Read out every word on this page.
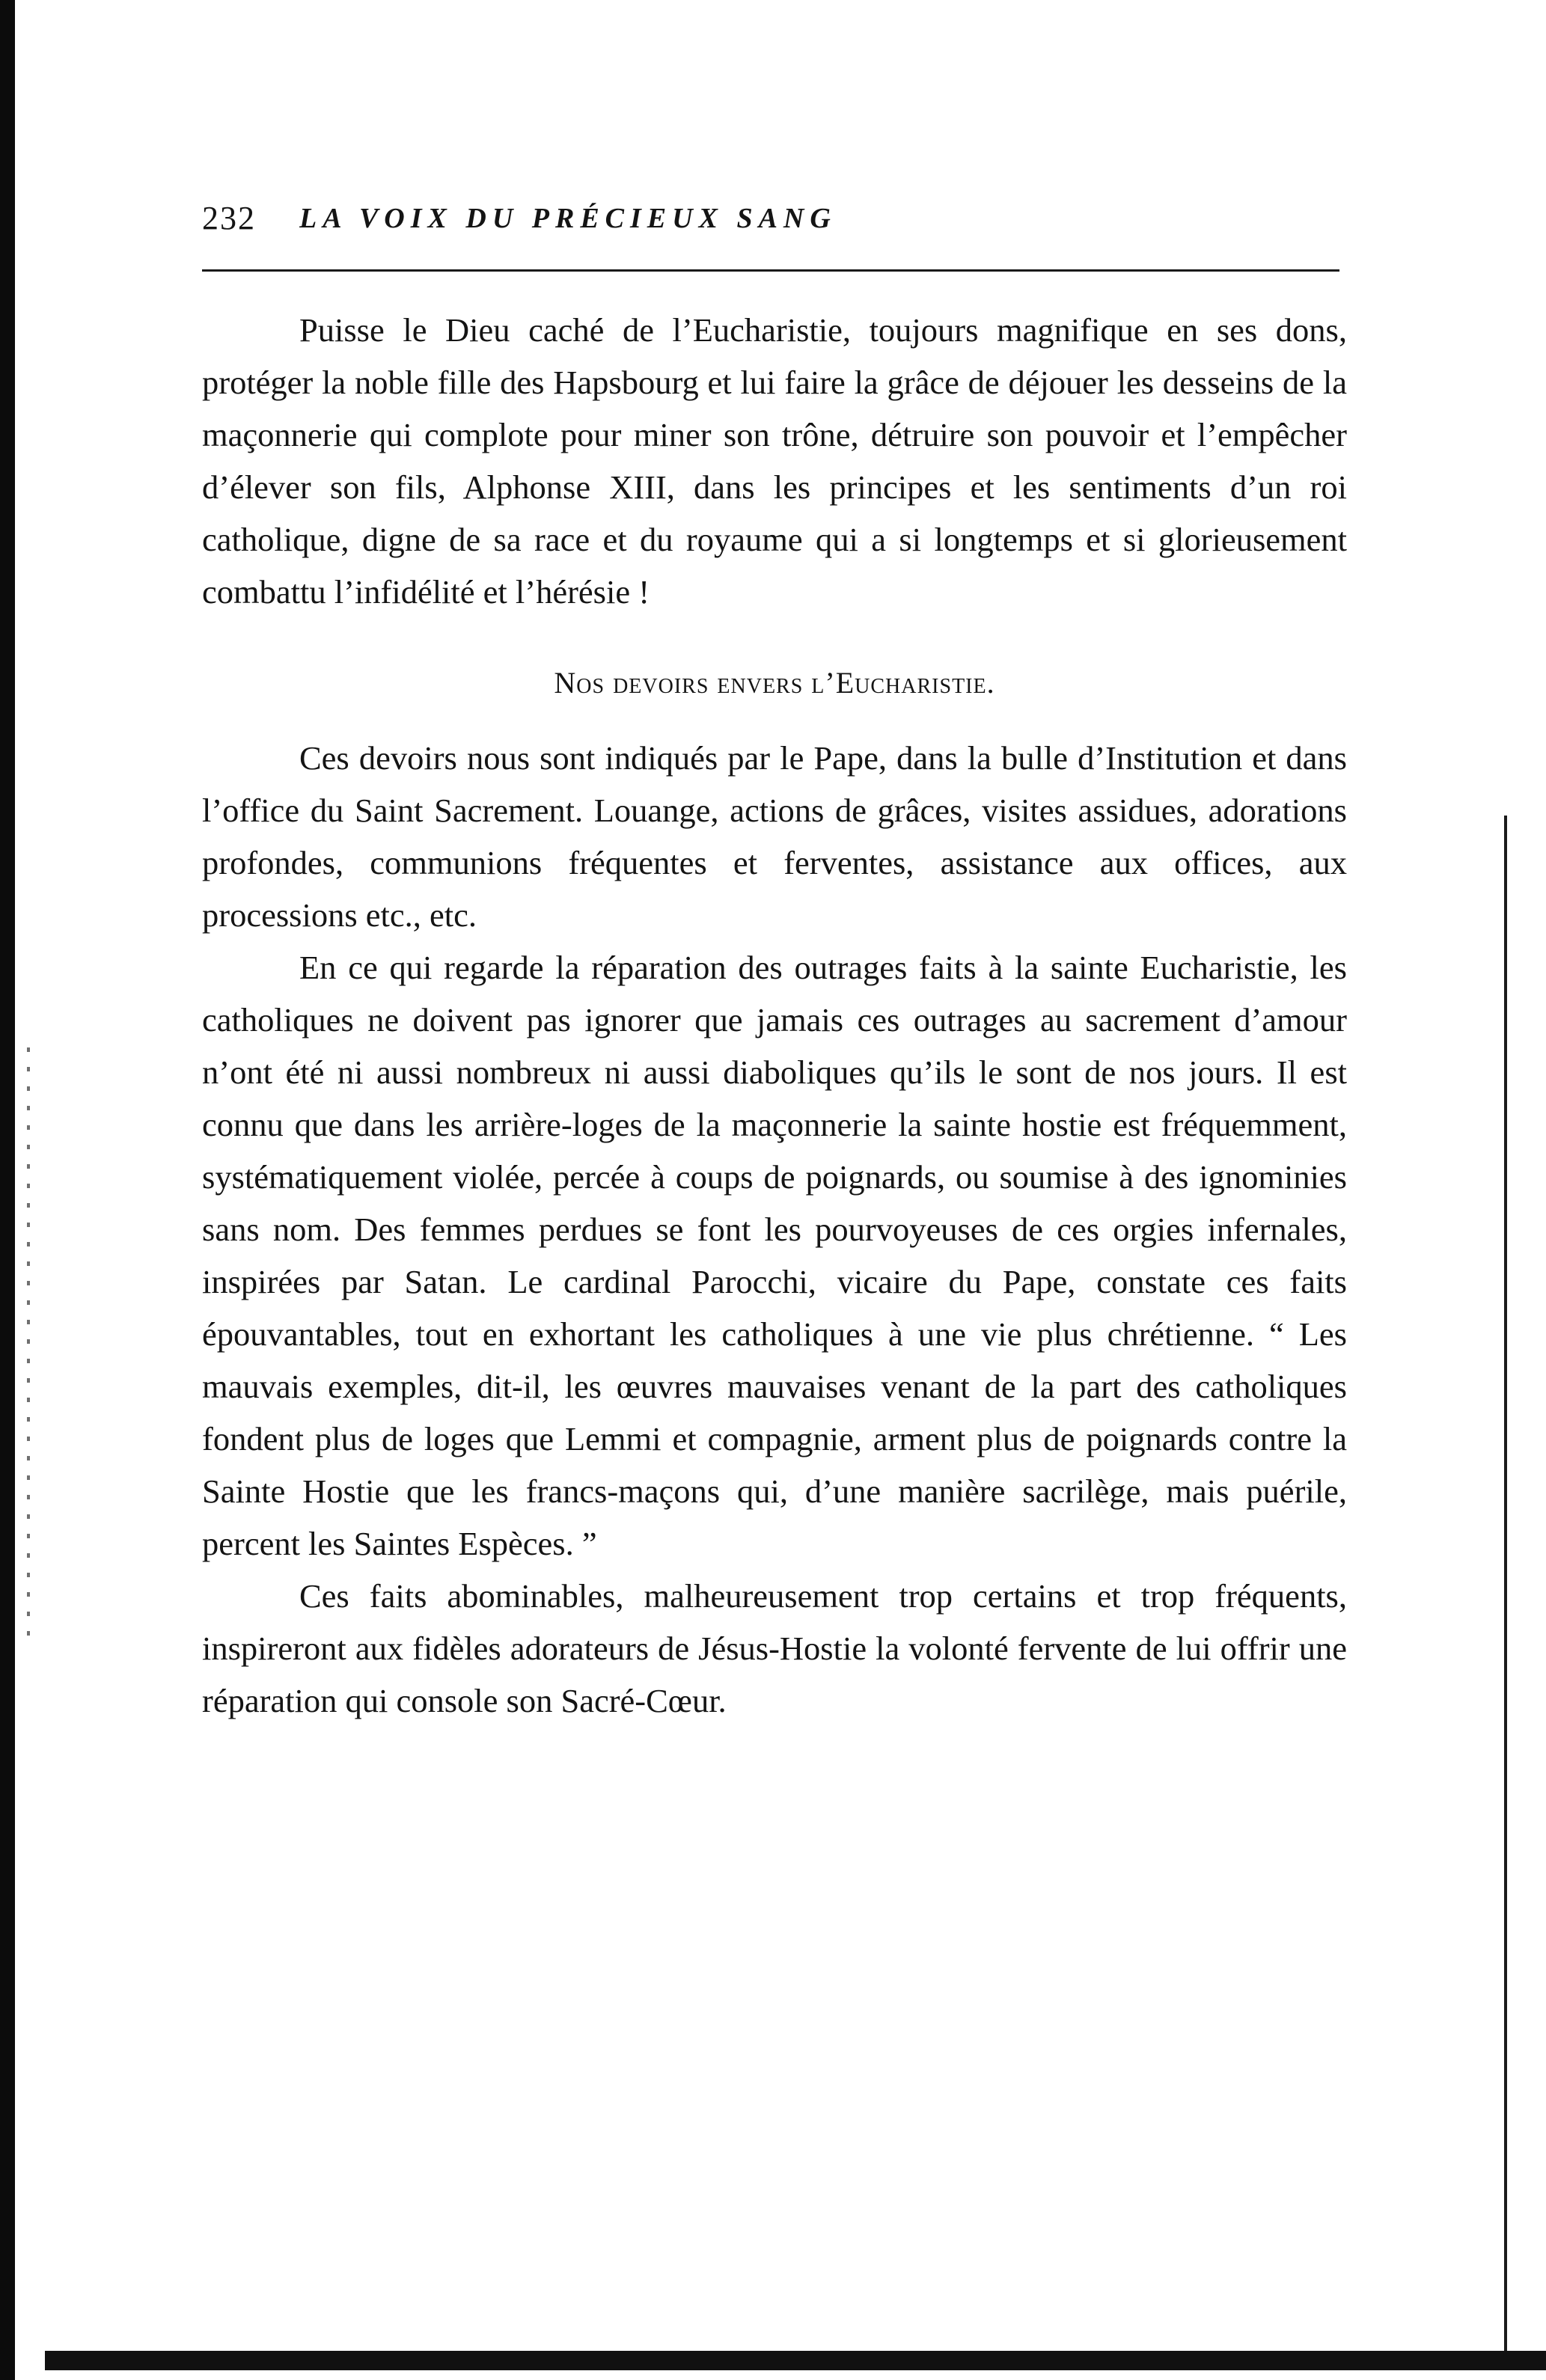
232 LA VOIX DU PRÉCIEUX SANG

Puisse le Dieu caché de l’Eucharistie, toujours magnifique en ses dons, protéger la noble fille des Hapsbourg et lui faire la grâce de déjouer les desseins de la maçonnerie qui complote pour miner son trône, détruire son pouvoir et l’empêcher d’élever son fils, Alphonse XIII, dans les principes et les sentiments d’un roi catholique, digne de sa race et du royaume qui a si longtemps et si glorieusement combattu l’infidélité et l’hérésie !

Nos devoirs envers l’Eucharistie.

Ces devoirs nous sont indiqués par le Pape, dans la bulle d’Institution et dans l’office du Saint Sacrement. Louange, actions de grâces, visites assidues, adorations profondes, communions fréquentes et ferventes, assistance aux offices, aux processions etc., etc.

En ce qui regarde la réparation des outrages faits à la sainte Eucharistie, les catholiques ne doivent pas ignorer que jamais ces outrages au sacrement d’amour n’ont été ni aussi nombreux ni aussi diaboliques qu’ils le sont de nos jours. Il est connu que dans les arrière-loges de la maçonnerie la sainte hostie est fréquemment, systématiquement violée, percée à coups de poignards, ou soumise à des ignominies sans nom. Des femmes perdues se font les pourvoyeuses de ces orgies infernales, inspirées par Satan. Le cardinal Parocchi, vicaire du Pape, constate ces faits épouvantables, tout en exhortant les catholiques à une vie plus chrétienne. “ Les mauvais exemples, dit-il, les œuvres mauvaises venant de la part des catholiques fondent plus de loges que Lemmi et compagnie, arment plus de poignards contre la Sainte Hostie que les francs-maçons qui, d’une manière sacrilège, mais puérile, percent les Saintes Espèces. ”

Ces faits abominables, malheureusement trop certains et trop fréquents, inspireront aux fidèles adorateurs de Jésus-Hostie la volonté fervente de lui offrir une réparation qui console son Sacré-Cœur.
